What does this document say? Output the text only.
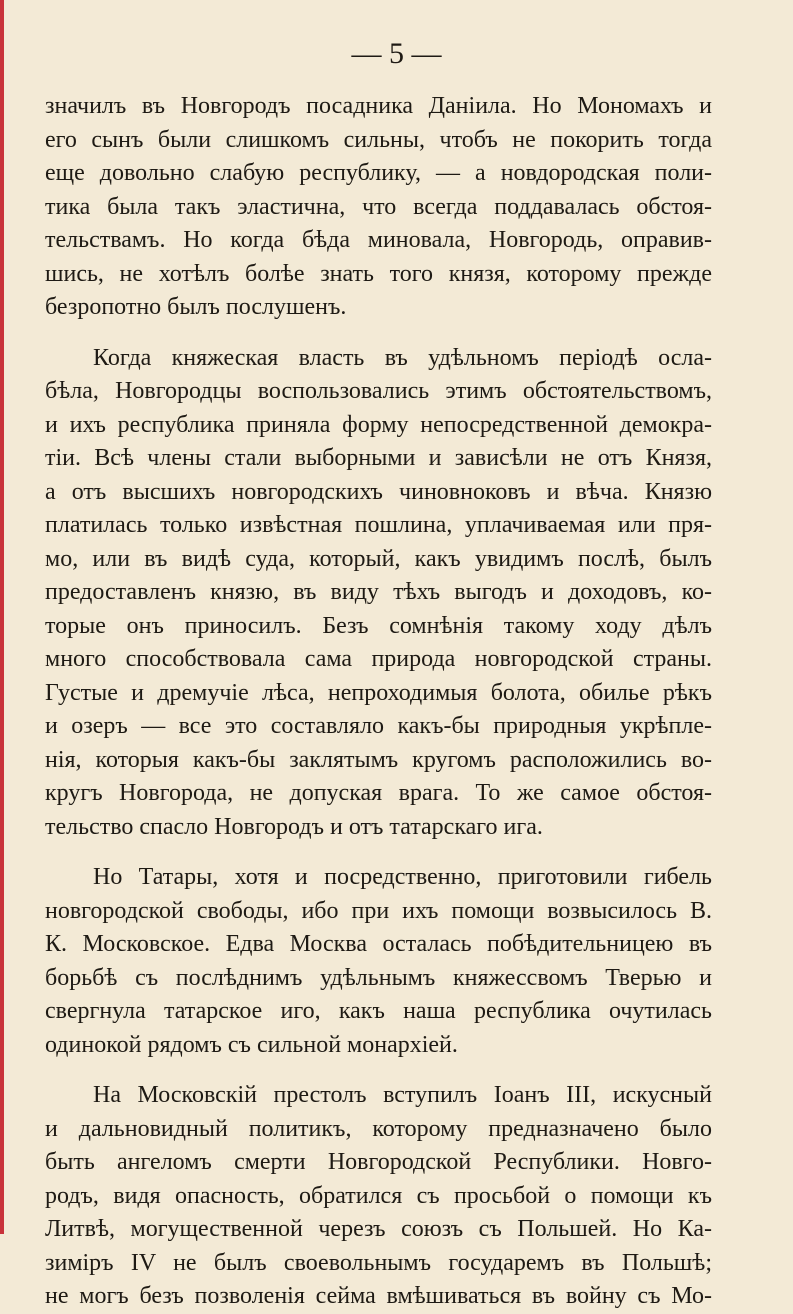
— 5 —
значилъ въ Новгородъ посадника Даніила. Но Мономахъ и
его сынъ были слишкомъ сильны, чтобъ не покорить тогда
еще довольно слабую республику, — а новдородская поли-
тика была такъ эластична, что всегда поддавалась обстоя-
тельствамъ. Но когда бѣда миновала, Новгородь, оправив-
шись, не хотѣлъ болѣе знать того князя, которому прежде
безропотно былъ послушенъ.
Когда княжеская власть въ удѣльномъ періодѣ осла-
бѣла, Новгородцы воспользовались этимъ обстоятельствомъ,
и ихъ республика приняла форму непосредственной демокра-
тіи. Всѣ члены стали выборными и зависѣли не отъ Князя,
а отъ высшихъ новгородскихъ чиновноковъ и вѣча. Князю
платилась только извѣстная пошлина, уплачиваемая или пря-
мо, или въ видѣ суда, который, какъ увидимъ послѣ, былъ
предоставленъ князю, въ виду тѣхъ выгодъ и доходовъ, ко-
торые онъ приносилъ. Безъ сомнѣнія такому ходу дѣлъ
много способствовала сама природа новгородской страны.
Густые и дремучіе лѣса, непроходимыя болота, обилье рѣкъ
и озеръ — все это составляло какъ-бы природныя укрѣпле-
нія, которыя какъ-бы заклятымъ кругомъ расположились во-
кругъ Новгорода, не допуская врага. То же самое обстоя-
тельство спасло Новгородъ и отъ татарскаго ига.
Но Татары, хотя и посредственно, приготовили гибель
новгородской свободы, ибо при ихъ помощи возвысилось В.
К. Московское. Едва Москва осталась побѣдительницею въ
борьбѣ съ послѣднимъ удѣльнымъ княжессвомъ Тверью и
свергнула татарское иго, какъ наша республика очутилась
одинокой рядомъ съ сильной монархіей.
На Московскій престолъ вступилъ Іоанъ III, искусный
и дальновидный политикъ, которому предназначено было
быть ангеломъ смерти Новгородской Республики. Новго-
родъ, видя опасность, обратился съ просьбой о помощи къ
Литвѣ, могущественной черезъ союзъ съ Польшей. Но Ка-
зиміръ IV не былъ своевольнымъ государемъ въ Польшѣ;
не могъ безъ позволенія сейма вмѣшиваться въ войну съ Мо-
